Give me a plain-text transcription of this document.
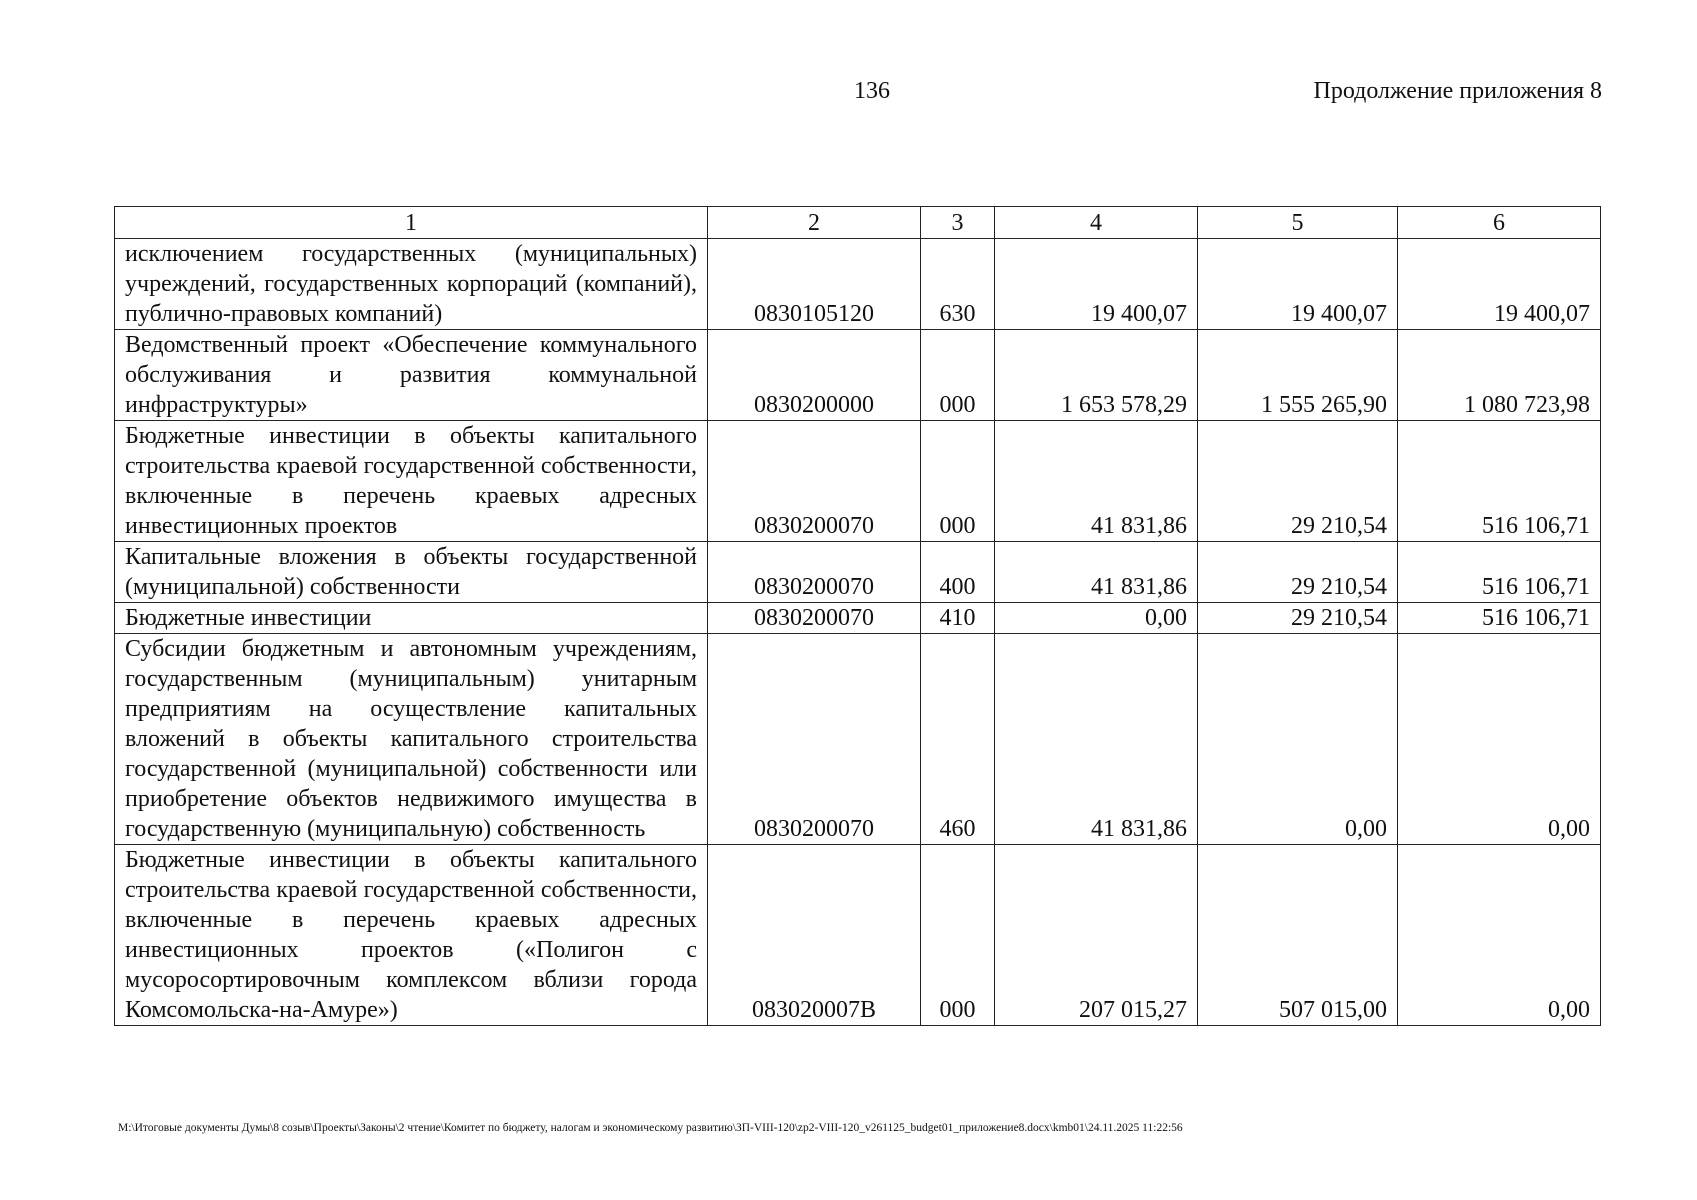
136	Продолжение приложения 8
1	2	3	4	5	6
исключением государственных (муниципальных) учреждений, государственных корпораций (компаний), публично-правовых компаний)	0830105120	630	19 400,07	19 400,07	19 400,07
Ведомственный проект «Обеспечение коммунального обслуживания и развития коммунальной инфраструктуры»	0830200000	000	1 653 578,29	1 555 265,90	1 080 723,98
Бюджетные инвестиции в объекты капитального строительства краевой государственной собственности, включенные в перечень краевых адресных инвестиционных проектов	0830200070	000	41 831,86	29 210,54	516 106,71
Капитальные вложения в объекты государственной (муниципальной) собственности	0830200070	400	41 831,86	29 210,54	516 106,71
Бюджетные инвестиции	0830200070	410	0,00	29 210,54	516 106,71
Субсидии бюджетным и автономным учреждениям, государственным (муниципальным) унитарным предприятиям на осуществление капитальных вложений в объекты капитального строительства государственной (муниципальной) собственности или приобретение объектов недвижимого имущества в государственную (муниципальную) собственность	0830200070	460	41 831,86	0,00	0,00
Бюджетные инвестиции в объекты капитального строительства краевой государственной собственности, включенные в перечень краевых адресных инвестиционных проектов («Полигон с мусоросортировочным комплексом вблизи города Комсомольска-на-Амуре»)	083020007В	000	207 015,27	507 015,00	0,00
M:\Итоговые документы Думы\8 созыв\Проекты\Законы\2 чтение\Комитет по бюджету, налогам и экономическому развитию\ЗП-VIII-120\zp2-VIII-120_v261125_budget01_приложение8.docx\kmb01\24.11.2025 11:22:56
